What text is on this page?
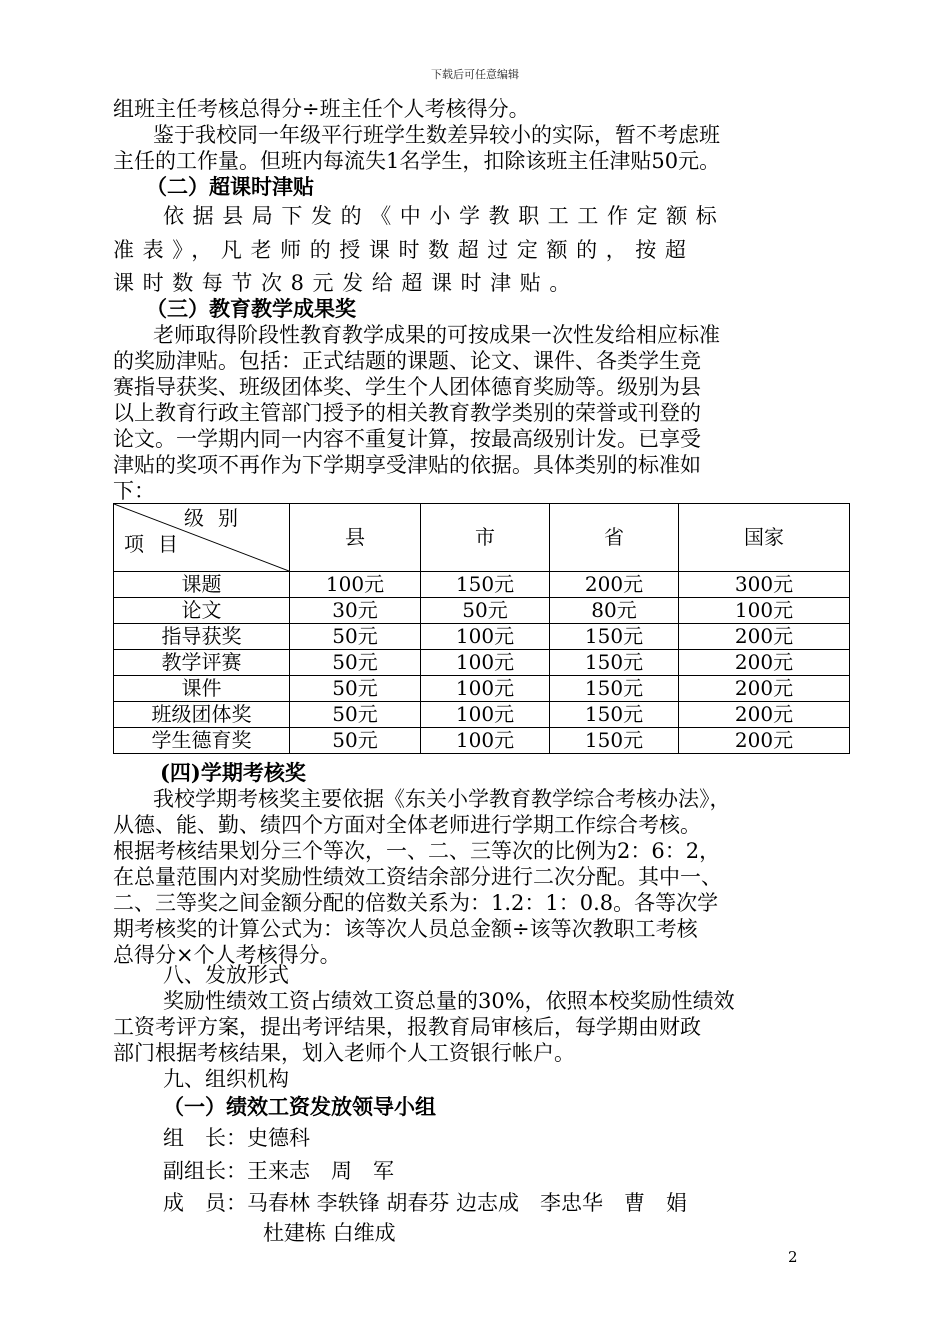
下载后可任意编辑
组班主任考核总得分÷班主任个人考核得分。
鉴于我校同一年级平行班学生数差异较小的实际，暂不考虑班
主任的工作量。但班内每流失1名学生，扣除该班主任津贴50元。
（二）超课时津贴
依据县局下发的《中小学教职工工作定额标
准表》，凡老师的授课时数超过定额的，按超
课时数每节次8元发给超课时津贴。
（三）教育教学成果奖
老师取得阶段性教育教学成果的可按成果一次性发给相应标准
的奖励津贴。包括：正式结题的课题、论文、课件、各类学生竞
赛指导获奖、班级团体奖、学生个人团体德育奖励等。级别为县
以上教育行政主管部门授予的相关教育教学类别的荣誉或刊登的
论文。一学期内同一内容不重复计算，按最高级别计发。已享受
津贴的奖项不再作为下学期享受津贴的依据。具体类别的标准如
下：
级别
项目	县	市	省	国家
课题	100元	150元	200元	300元
论文	30元	50元	80元	100元
指导获奖	50元	100元	150元	200元
教学评赛	50元	100元	150元	200元
课件	50元	100元	150元	200元
班级团体奖	50元	100元	150元	200元
学生德育奖	50元	100元	150元	200元
(四)学期考核奖
我校学期考核奖主要依据《东关小学教育教学综合考核办法》，
从德、能、勤、绩四个方面对全体老师进行学期工作综合考核。
根据考核结果划分三个等次，一、二、三等次的比例为2：6：2，
在总量范围内对奖励性绩效工资结余部分进行二次分配。其中一、
二、三等奖之间金额分配的倍数关系为：1.2：1：0.8。各等次学
期考核奖的计算公式为：该等次人员总金额÷该等次教职工考核
总得分×个人考核得分。
八、发放形式
奖励性绩效工资占绩效工资总量的30%，依照本校奖励性绩效
工资考评方案，提出考评结果，报教育局审核后，每学期由财政
部门根据考核结果，划入老师个人工资银行帐户。
九、组织机构
（一）绩效工资发放领导小组
组　长：史德科
副组长：王来志　周　军
成　员：马春林 李轶锋 胡春芬 边志成　李忠华　曹　娟
杜建栋 白维成
2
